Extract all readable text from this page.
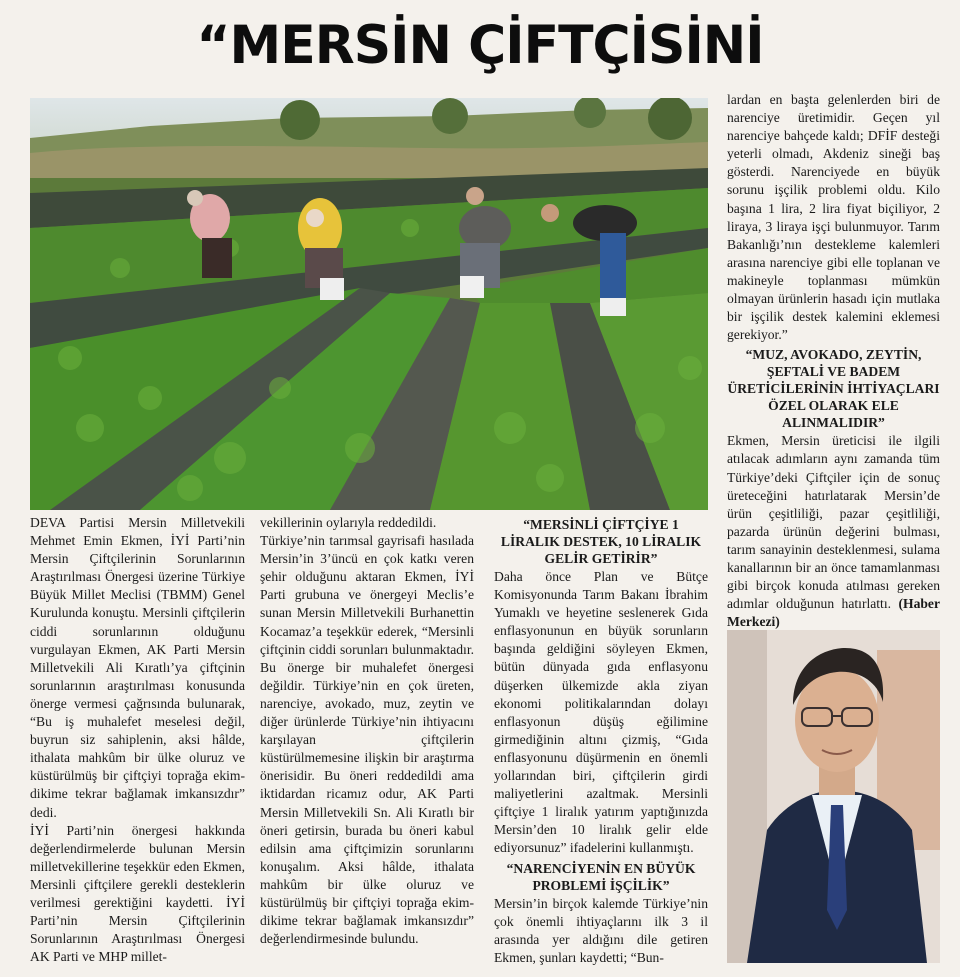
“MERSİN ÇİFTÇİSİNİ

DEVA Partisi Mersin Milletvekili Mehmet Emin Ekmen, İYİ Parti’nin Mersin Çiftçilerinin Sorunlarının Araştırılması Önergesi üzerine Türkiye Büyük Millet Meclisi (TBMM) Genel Kurulunda konuştu. Mersinli çiftçilerin ciddi sorunlarının olduğunu vurgulayan Ekmen, AK Parti Mersin Milletvekili Ali Kıratlı’ya çiftçinin sorunlarının araştırılması konusunda önerge vermesi çağrısında bulunarak, “Bu iş muhalefet meselesi değil, buyrun siz sahiplenin, aksi hâlde, ithalata mahkûm bir ülke oluruz ve küstürülmüş bir çiftçiyi toprağa ekim-dikime tekrar bağlamak imkansızdır” dedi.

İYİ Parti’nin önergesi hakkında değerlendirmelerde bulunan Mersin milletvekillerine teşekkür eden Ekmen, Mersinli çiftçilere gerekli desteklerin verilmesi gerektiğini kaydetti. İYİ Parti’nin Mersin Çiftçilerinin Sorunlarının Araştırılması Önergesi AK Parti ve MHP millet-

vekillerinin oylarıyla reddedildi.

Türkiye’nin tarımsal gayrisafi hasılada Mersin’in 3’üncü en çok katkı veren şehir olduğunu aktaran Ekmen, İYİ Parti grubuna ve önergeyi Meclis’e sunan Mersin Milletvekili Burhanettin Kocamaz’a teşekkür ederek, “Mersinli çiftçinin ciddi sorunları bulunmaktadır. Bu önerge bir muhalefet önergesi değildir. Türkiye’nin en çok üreten, narenciye, avokado, muz, zeytin ve diğer ürünlerde Türkiye’nin ihtiyacını karşılayan çiftçilerin küstürülmemesine ilişkin bir araştırma önerisidir. Bu öneri reddedildi ama iktidardan ricamız odur, AK Parti Mersin Milletvekili Sn. Ali Kıratlı bir öneri getirsin, burada bu öneri kabul edilsin ama çiftçimizin sorunlarını konuşalım. Aksi hâlde, ithalata mahkûm bir ülke oluruz ve küstürülmüş bir çiftçiyi toprağa ekim-dikime tekrar bağlamak imkansızdır” değerlendirmesinde bulundu.

“MERSİNLİ ÇİFTÇİYE 1 LİRALIK DESTEK, 10 LİRALIK GELİR GETİRİR”

Daha önce Plan ve Bütçe Komisyonunda Tarım Bakanı İbrahim Yumaklı ve heyetine seslenerek Gıda enflasyonunun en büyük sorunların başında geldiğini söyleyen Ekmen, bütün dünyada gıda enflasyonu düşerken ülkemizde akla ziyan ekonomi politikalarından dolayı enflasyonun düşüş eğilimine girmediğinin altını çizmiş, “Gıda enflasyonunu düşürmenin en önemli yollarından biri, çiftçilerin girdi maliyetlerini azaltmak. Mersinli çiftçiye 1 liralık yatırım yaptığınızda Mersin’den 10 liralık gelir elde ediyorsunuz” ifadelerini kullanmıştı.

“NARENCİYENİN EN BÜYÜK PROBLEMİ İŞÇİLİK”

Mersin’in birçok kalemde Türkiye’nin çok önemli ihtiyaçlarını ilk 3 il arasında yer aldığını dile getiren Ekmen, şunları kaydetti; “Bun-

lardan en başta gelenlerden biri de narenciye üretimidir. Geçen yıl narenciye bahçede kaldı; DFİF desteği yeterli olmadı, Akdeniz sineği baş gösterdi. Narenciyede en büyük sorunu işçilik problemi oldu. Kilo başına 1 lira, 2 lira fiyat biçiliyor, 2 liraya, 3 liraya işçi bulunmuyor. Tarım Bakanlığı’nın destekleme kalemleri arasına narenciye gibi elle toplanan ve makineyle toplanması mümkün olmayan ürünlerin hasadı için mutlaka bir işçilik destek kalemini eklemesi gerekiyor.”

“MUZ, AVOKADO, ZEYTİN, ŞEFTALİ VE BADEM ÜRETİCİLERİNİN İHTİYAÇLARI ÖZEL OLARAK ELE ALINMALIDIR”

Ekmen, Mersin üreticisi ile ilgili atılacak adımların aynı zamanda tüm Türkiye’deki Çiftçiler için de sonuç üreteceğini hatırlatarak Mersin’de ürün çeşitliliği, pazar çeşitliliği, pazarda ürünün değerini bulması, tarım sanayinin desteklenmesi, sulama kanallarının bir an önce tamamlanması gibi birçok konuda atılması gereken adımlar olduğunun hatırlattı. (Haber Merkezi)
